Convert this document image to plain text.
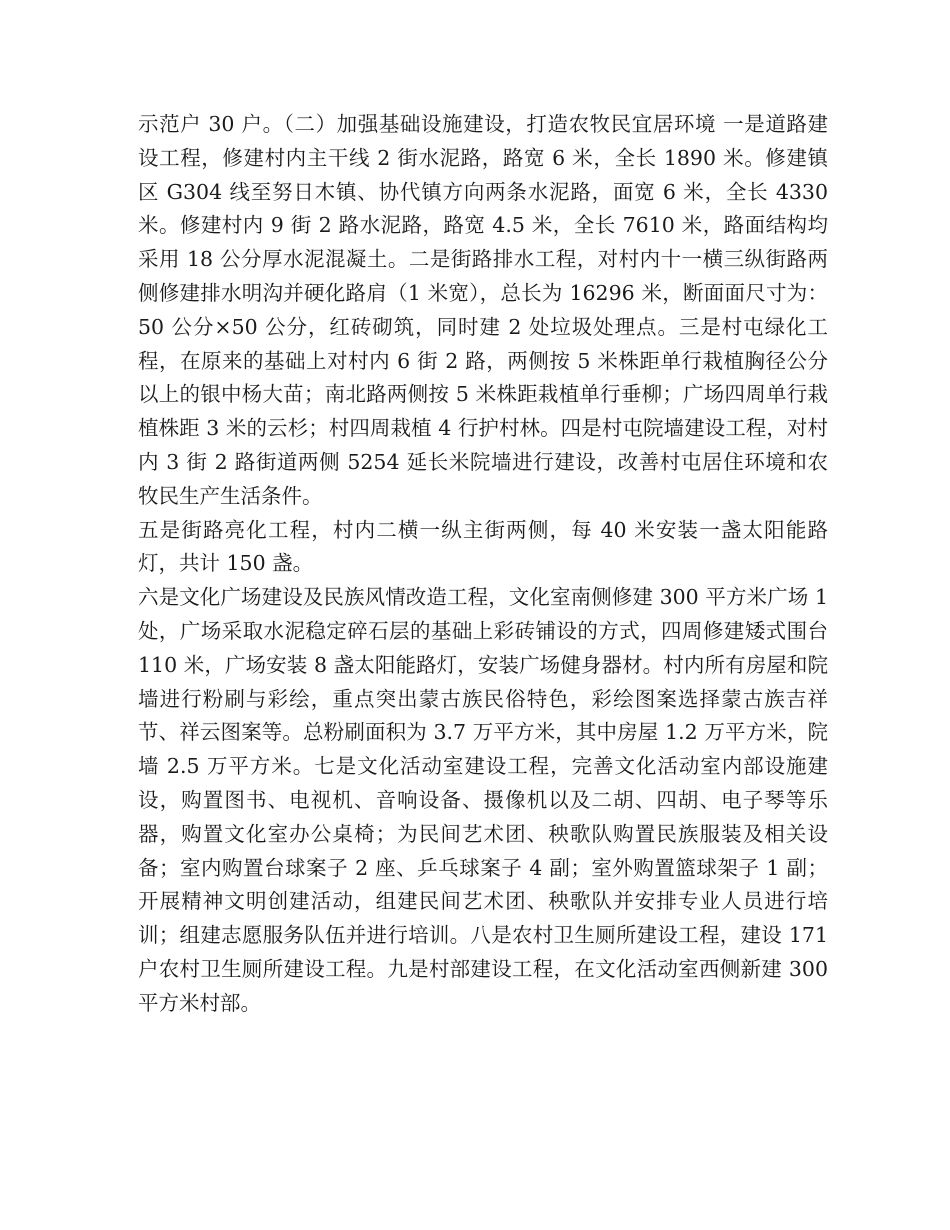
示范户 30 户。（二）加强基础设施建设，打造农牧民宜居环境 一是道路建设工程，修建村内主干线 2 街水泥路，路宽 6 米，全长 1890 米。修建镇区 G304 线至努日木镇、协代镇方向两条水泥路，面宽 6 米，全长 4330 米。修建村内 9 街 2 路水泥路，路宽 4.5 米，全长 7610 米，路面结构均采用 18 公分厚水泥混凝土。二是街路排水工程，对村内十一横三纵街路两侧修建排水明沟并硬化路肩（1 米宽），总长为 16296 米，断面面尺寸为：50 公分×50 公分，红砖砌筑，同时建 2 处垃圾处理点。三是村屯绿化工程，在原来的基础上对村内 6 街 2 路，两侧按 5 米株距单行栽植胸径公分以上的银中杨大苗；南北路两侧按 5 米株距栽植单行垂柳；广场四周单行栽植株距 3 米的云杉；村四周栽植 4 行护村林。四是村屯院墙建设工程，对村内 3 街 2 路街道两侧 5254 延长米院墙进行建设，改善村屯居住环境和农牧民生产生活条件。

五是街路亮化工程，村内二横一纵主街两侧，每 40 米安装一盏太阳能路灯，共计 150 盏。

六是文化广场建设及民族风情改造工程，文化室南侧修建 300 平方米广场 1 处，广场采取水泥稳定碎石层的基础上彩砖铺设的方式，四周修建矮式围台 110 米，广场安装 8 盏太阳能路灯，安装广场健身器材。村内所有房屋和院墙进行粉刷与彩绘，重点突出蒙古族民俗特色，彩绘图案选择蒙古族吉祥节、祥云图案等。总粉刷面积为 3.7 万平方米，其中房屋 1.2 万平方米，院墙 2.5 万平方米。七是文化活动室建设工程，完善文化活动室内部设施建设，购置图书、电视机、音响设备、摄像机以及二胡、四胡、电子琴等乐器，购置文化室办公桌椅；为民间艺术团、秧歌队购置民族服装及相关设备；室内购置台球案子 2 座、乒乓球案子 4 副；室外购置篮球架子 1 副；开展精神文明创建活动，组建民间艺术团、秧歌队并安排专业人员进行培训；组建志愿服务队伍并进行培训。八是农村卫生厕所建设工程，建设 171 户农村卫生厕所建设工程。九是村部建设工程，在文化活动室西侧新建 300 平方米村部。
